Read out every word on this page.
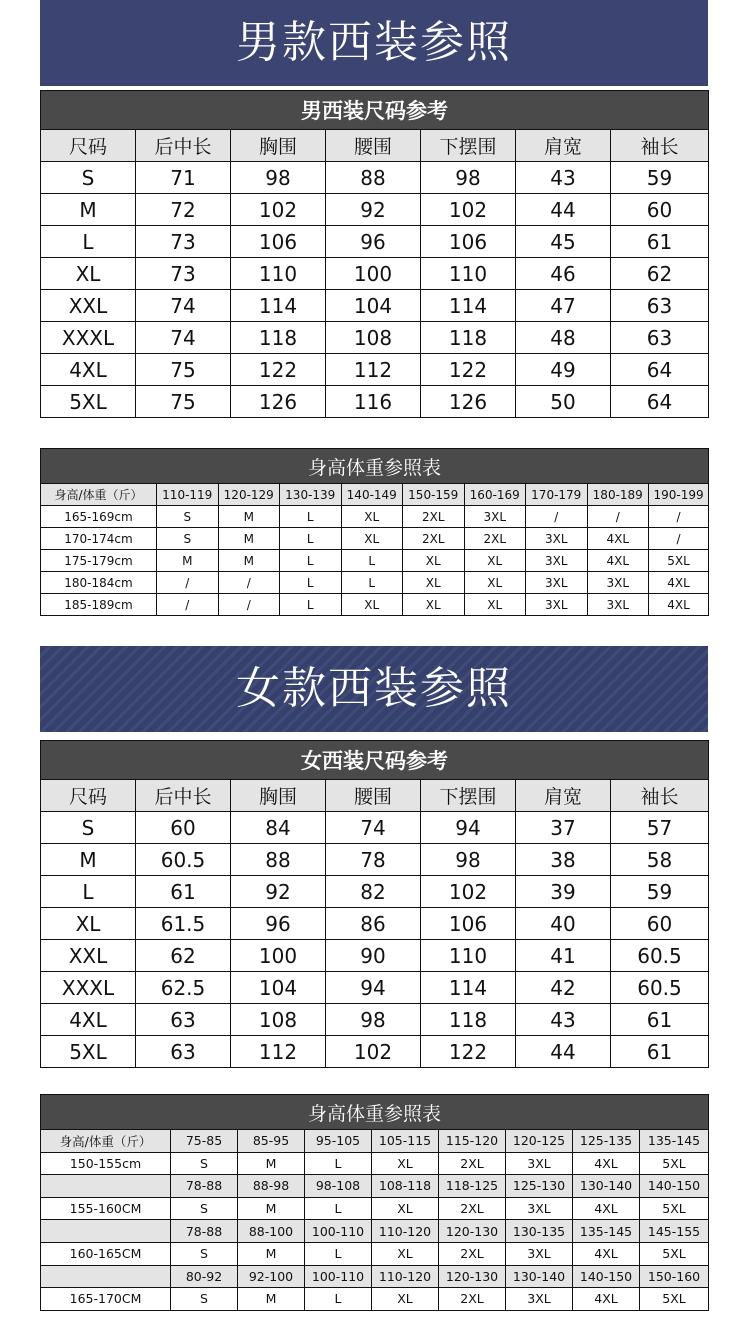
男款西装参照
男西装尺码参考						
尺码	后中长	胸围	腰围	下摆围	肩宽	袖长
S	71	98	88	98	43	59
M	72	102	92	102	44	60
L	73	106	96	106	45	61
XL	73	110	100	110	46	62
XXL	74	114	104	114	47	63
XXXL	74	118	108	118	48	63
4XL	75	122	112	122	49	64
5XL	75	126	116	126	50	64
身高体重参照表									
身高/体重（斤）	110-119	120-129	130-139	140-149	150-159	160-169	170-179	180-189	190-199
165-169cm	S	M	L	XL	2XL	3XL	/	/	/
170-174cm	S	M	L	XL	2XL	2XL	3XL	4XL	/
175-179cm	M	M	L	L	XL	XL	3XL	4XL	5XL
180-184cm	/	/	L	L	XL	XL	3XL	3XL	4XL
185-189cm	/	/	L	XL	XL	XL	3XL	3XL	4XL
女款西装参照
女西装尺码参考						
尺码	后中长	胸围	腰围	下摆围	肩宽	袖长
S	60	84	74	94	37	57
M	60.5	88	78	98	38	58
L	61	92	82	102	39	59
XL	61.5	96	86	106	40	60
XXL	62	100	90	110	41	60.5
XXXL	62.5	104	94	114	42	60.5
4XL	63	108	98	118	43	61
5XL	63	112	102	122	44	61
身高体重参照表								
身高/体重（斤）	75-85	85-95	95-105	105-115	115-120	120-125	125-135	135-145
150-155cm	S	M	L	XL	2XL	3XL	4XL	5XL
	78-88	88-98	98-108	108-118	118-125	125-130	130-140	140-150
155-160CM	S	M	L	XL	2XL	3XL	4XL	5XL
	78-88	88-100	100-110	110-120	120-130	130-135	135-145	145-155
160-165CM	S	M	L	XL	2XL	3XL	4XL	5XL
	80-92	92-100	100-110	110-120	120-130	130-140	140-150	150-160
165-170CM	S	M	L	XL	2XL	3XL	4XL	5XL
